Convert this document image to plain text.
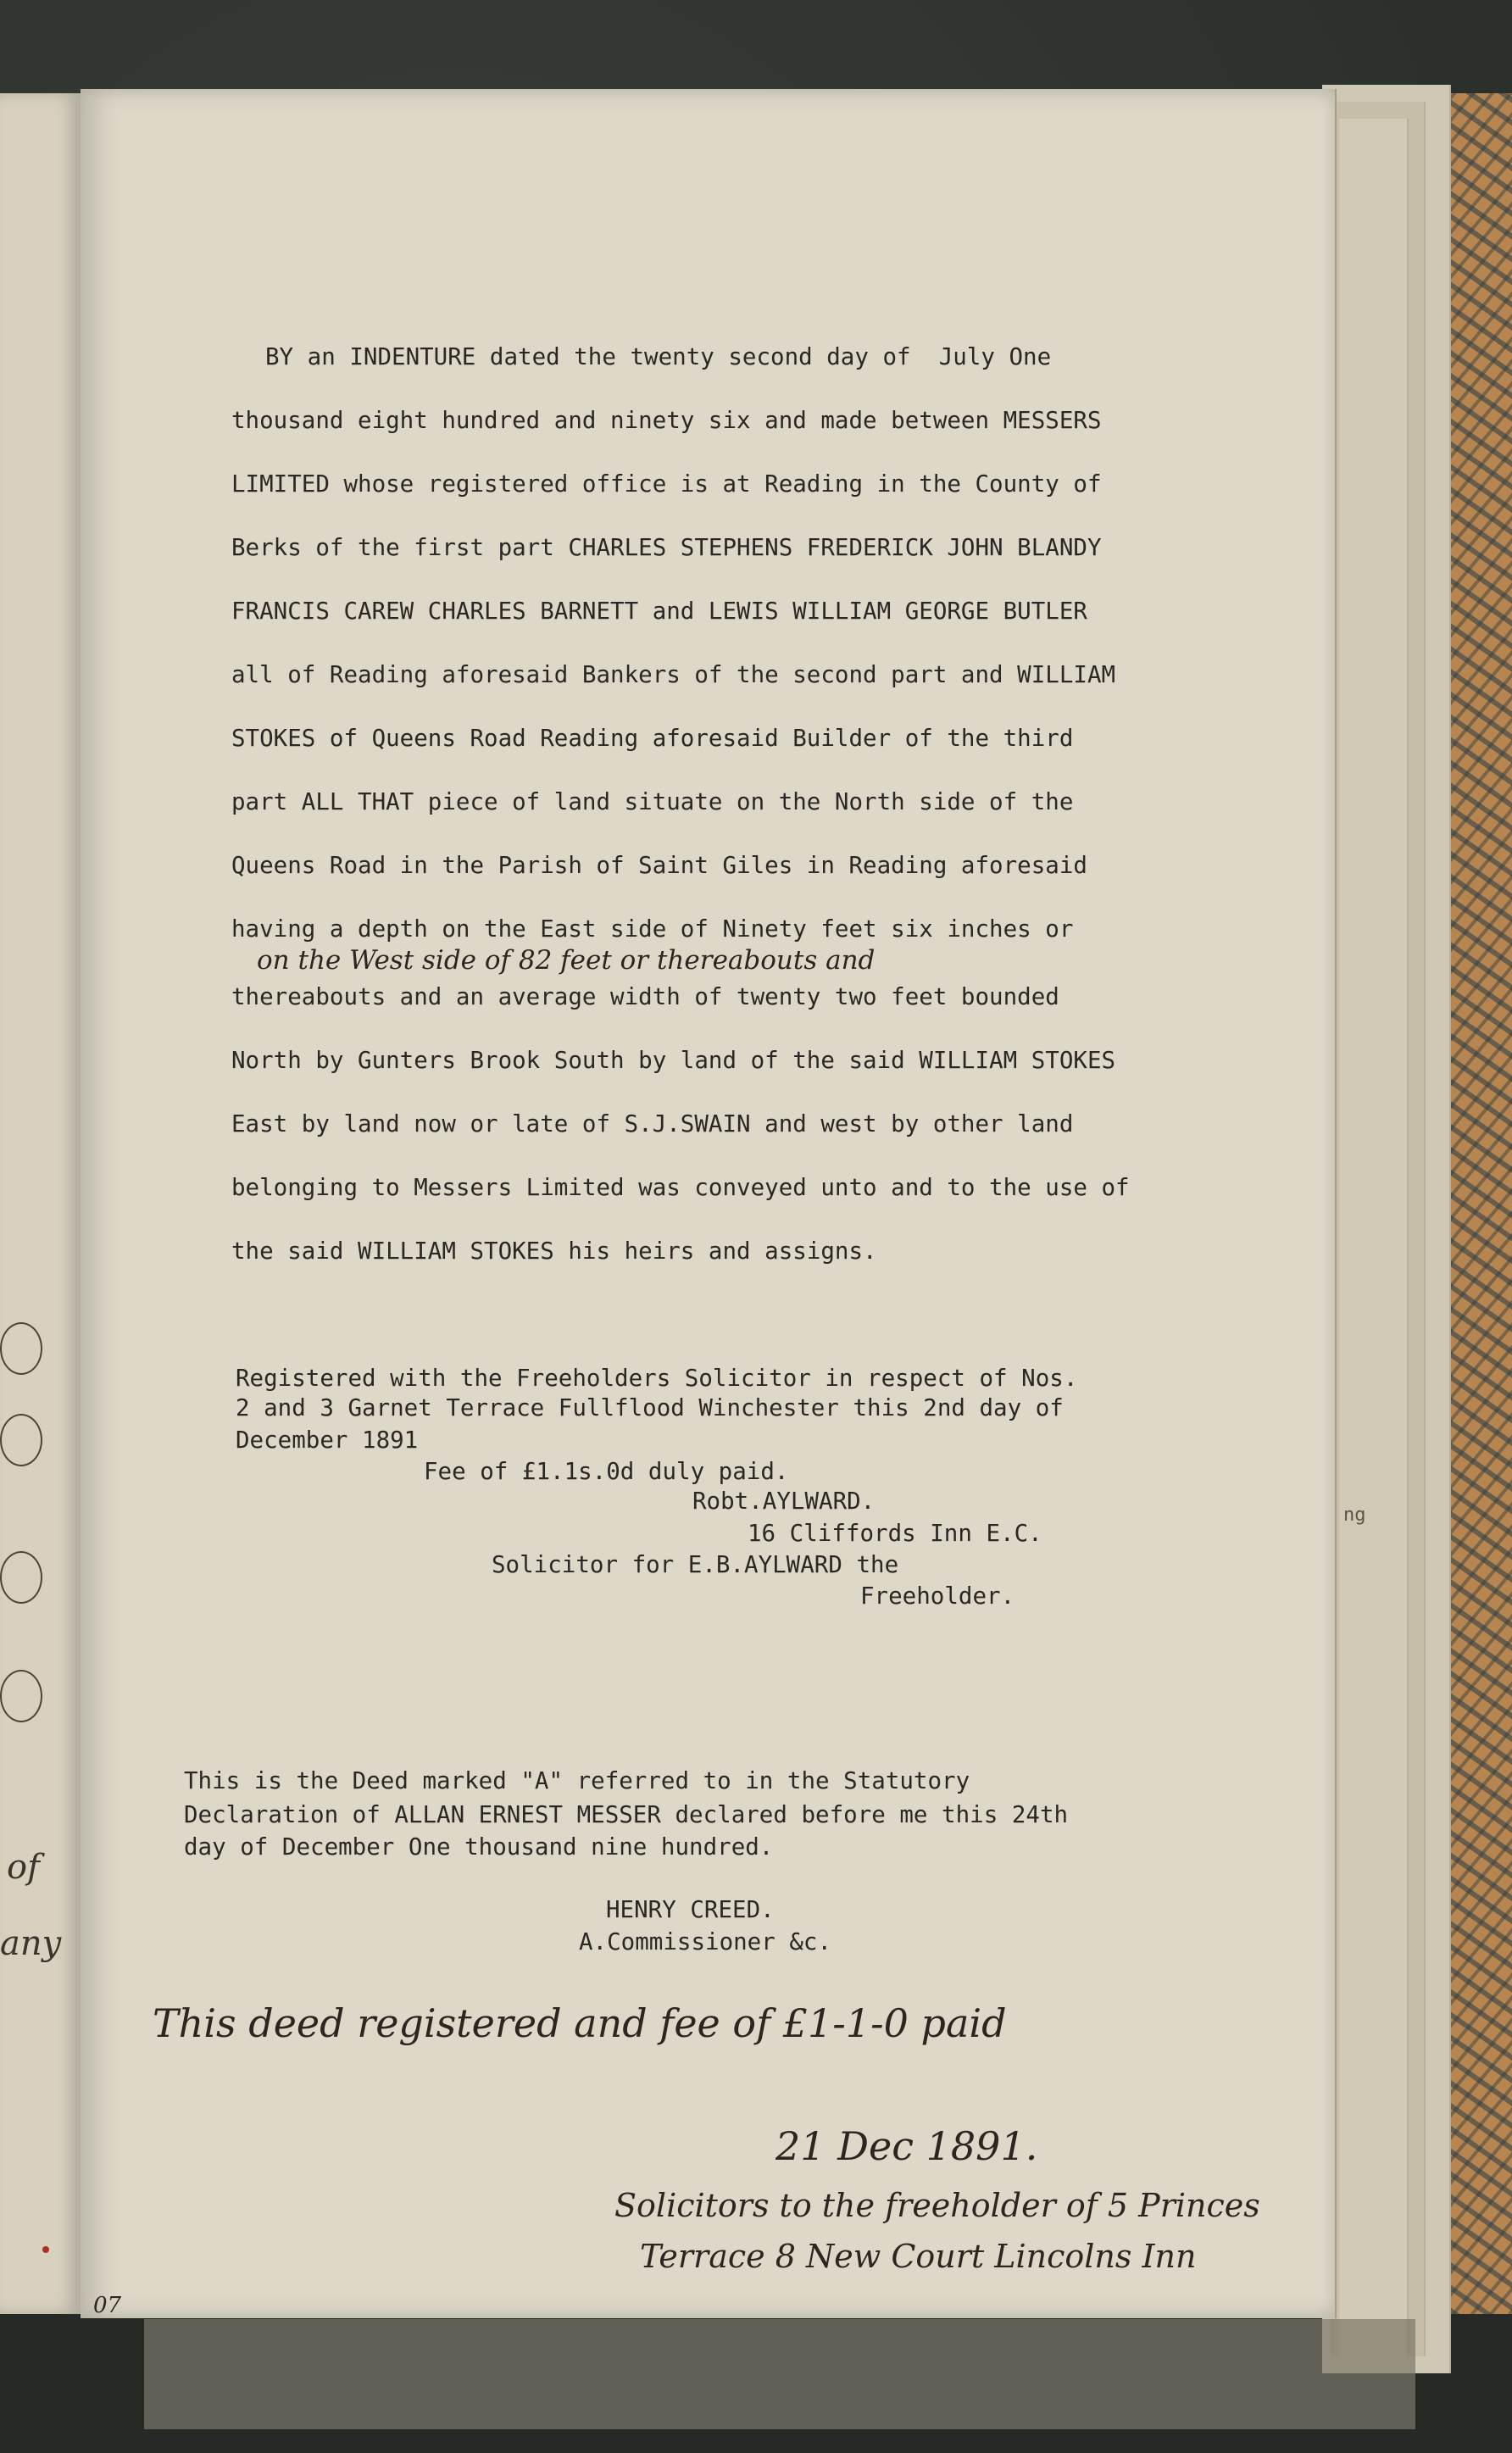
of
any
BY an INDENTURE dated the twenty second day of  July One
thousand eight hundred and ninety six and made between MESSERS
LIMITED whose registered office is at Reading in the County of
Berks of the first part CHARLES STEPHENS FREDERICK JOHN BLANDY
FRANCIS CAREW CHARLES BARNETT and LEWIS WILLIAM GEORGE BUTLER
all of Reading aforesaid Bankers of the second part and WILLIAM
STOKES of Queens Road Reading aforesaid Builder of the third
part ALL THAT piece of land situate on the North side of the
Queens Road in the Parish of Saint Giles in Reading aforesaid
having a depth on the East side of Ninety feet six inches or
on the West side of 82 feet or thereabouts and
thereabouts and an average width of twenty two feet bounded
North by Gunters Brook South by land of the said WILLIAM STOKES
East by land now or late of S.J.SWAIN and west by other land
belonging to Messers Limited was conveyed unto and to the use of
the said WILLIAM STOKES his heirs and assigns.
Registered with the Freeholders Solicitor in respect of Nos.
2 and 3 Garnet Terrace Fullflood Winchester this 2nd day of
December 1891
Fee of £1.1s.0d duly paid.
Robt.AYLWARD.
16 Cliffords Inn E.C.
Solicitor for E.B.AYLWARD the
Freeholder.
This is the Deed marked "A" referred to in the Statutory
Declaration of ALLAN ERNEST MESSER declared before me this 24th
day of December One thousand nine hundred.
HENRY CREED.
A.Commissioner &c.
This deed registered and fee of £1-1-0 paid
21 Dec 1891.
Solicitors to the freeholder of 5 Princes
Terrace 8 New Court Lincolns Inn
07
ng
